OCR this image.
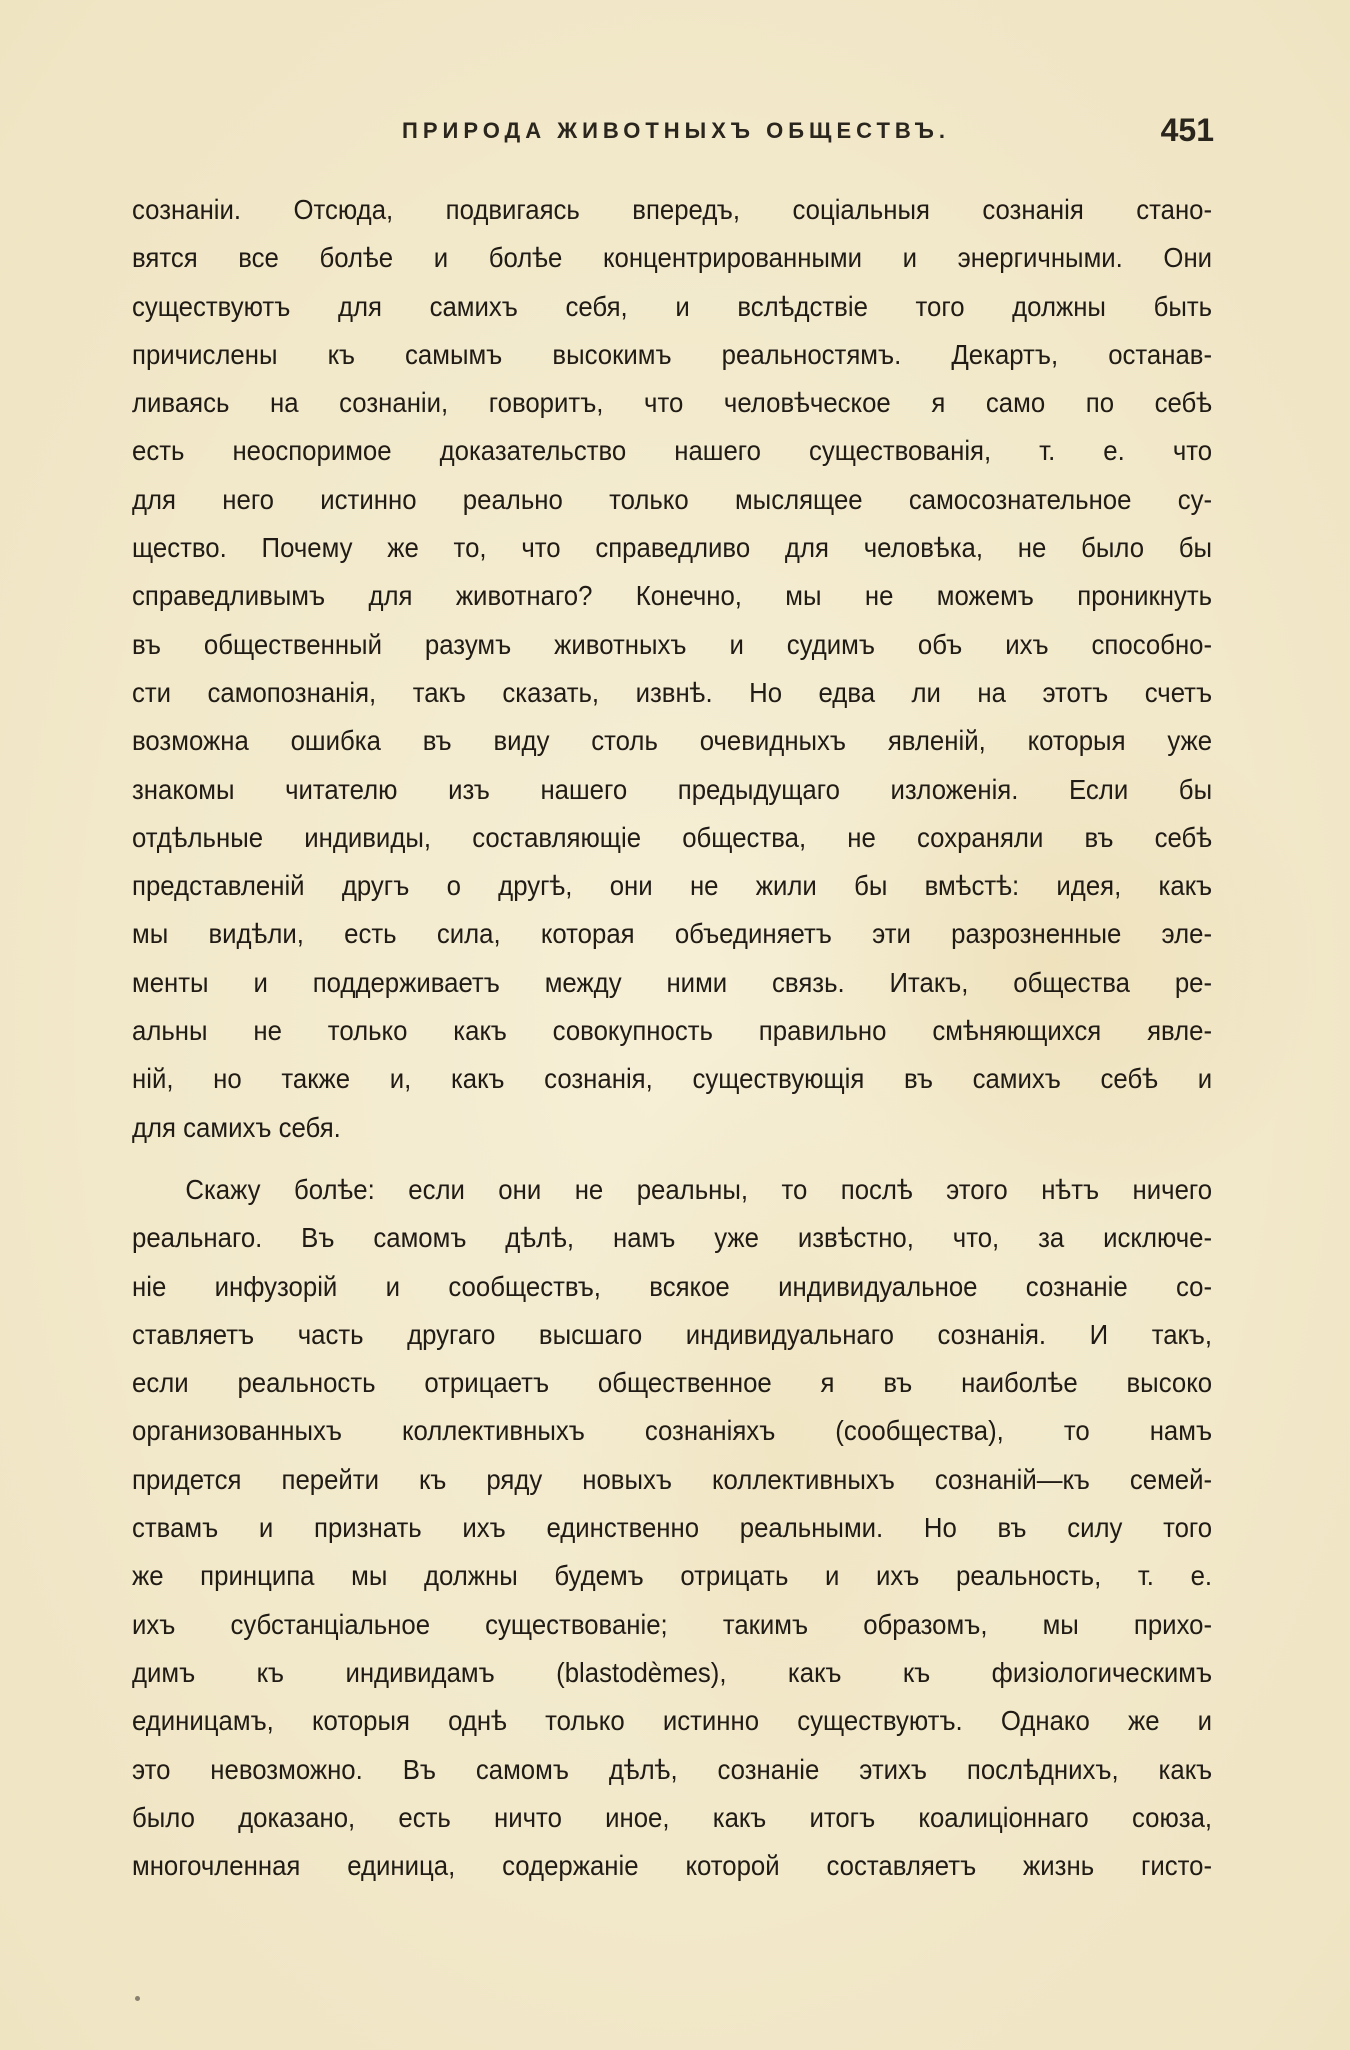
ПРИРОДА ЖИВОТНЫХЪ ОБЩЕСТВЪ.	451
сознаніи. Отсюда, подвигаясь впередъ, соціальныя сознанія стано-
вятся все болѣе и болѣе концентрированными и энергичными. Они
существуютъ для самихъ себя, и вслѣдствіе того должны быть
причислены къ самымъ высокимъ реальностямъ. Декартъ, останав-
ливаясь на сознаніи, говоритъ, что человѣческое я само по себѣ
есть неоспоримое доказательство нашего существованія, т. е. что
для него истинно реально только мыслящее самосознательное су-
щество. Почему же то, что справедливо для человѣка, не было бы
справедливымъ для животнаго? Конечно, мы не можемъ проникнуть
въ общественный разумъ животныхъ и судимъ объ ихъ способно-
сти самопознанія, такъ сказать, извнѣ. Но едва ли на этотъ счетъ
возможна ошибка въ виду столь очевидныхъ явленій, которыя уже
знакомы читателю изъ нашего предыдущаго изложенія. Если бы
отдѣльные индивиды, составляющіе общества, не сохраняли въ себѣ
представленій другъ о другѣ, они не жили бы вмѣстѣ: идея, какъ
мы видѣли, есть сила, которая объединяетъ эти разрозненные эле-
менты и поддерживаетъ между ними связь. Итакъ, общества ре-
альны не только какъ совокупность правильно смѣняющихся явле-
ній, но также и, какъ сознанія, существующія въ самихъ себѣ и
для самихъ себя.
Скажу болѣе: если они не реальны, то послѣ этого нѣтъ ничего
реальнаго. Въ самомъ дѣлѣ, намъ уже извѣстно, что, за исключе-
ніе инфузорій и сообществъ, всякое индивидуальное сознаніе со-
ставляетъ часть другаго высшаго индивидуальнаго сознанія. И такъ,
если реальность отрицаетъ общественное я въ наиболѣе высоко
организованныхъ коллективныхъ сознаніяхъ (сообщества), то намъ
придется перейти къ ряду новыхъ коллективныхъ сознаній—къ семей-
ствамъ и признать ихъ единственно реальными. Но въ силу того
же принципа мы должны будемъ отрицать и ихъ реальность, т. е.
ихъ субстанціальное существованіе; такимъ образомъ, мы прихо-
димъ къ индивидамъ (blastodèmes), какъ къ физіологическимъ
единицамъ, которыя однѣ только истинно существуютъ. Однако же и
это невозможно. Въ самомъ дѣлѣ, сознаніе этихъ послѣднихъ, какъ
было доказано, есть ничто иное, какъ итогъ коалиціоннаго союза,
многочленная единица, содержаніе которой составляетъ жизнь гисто-
